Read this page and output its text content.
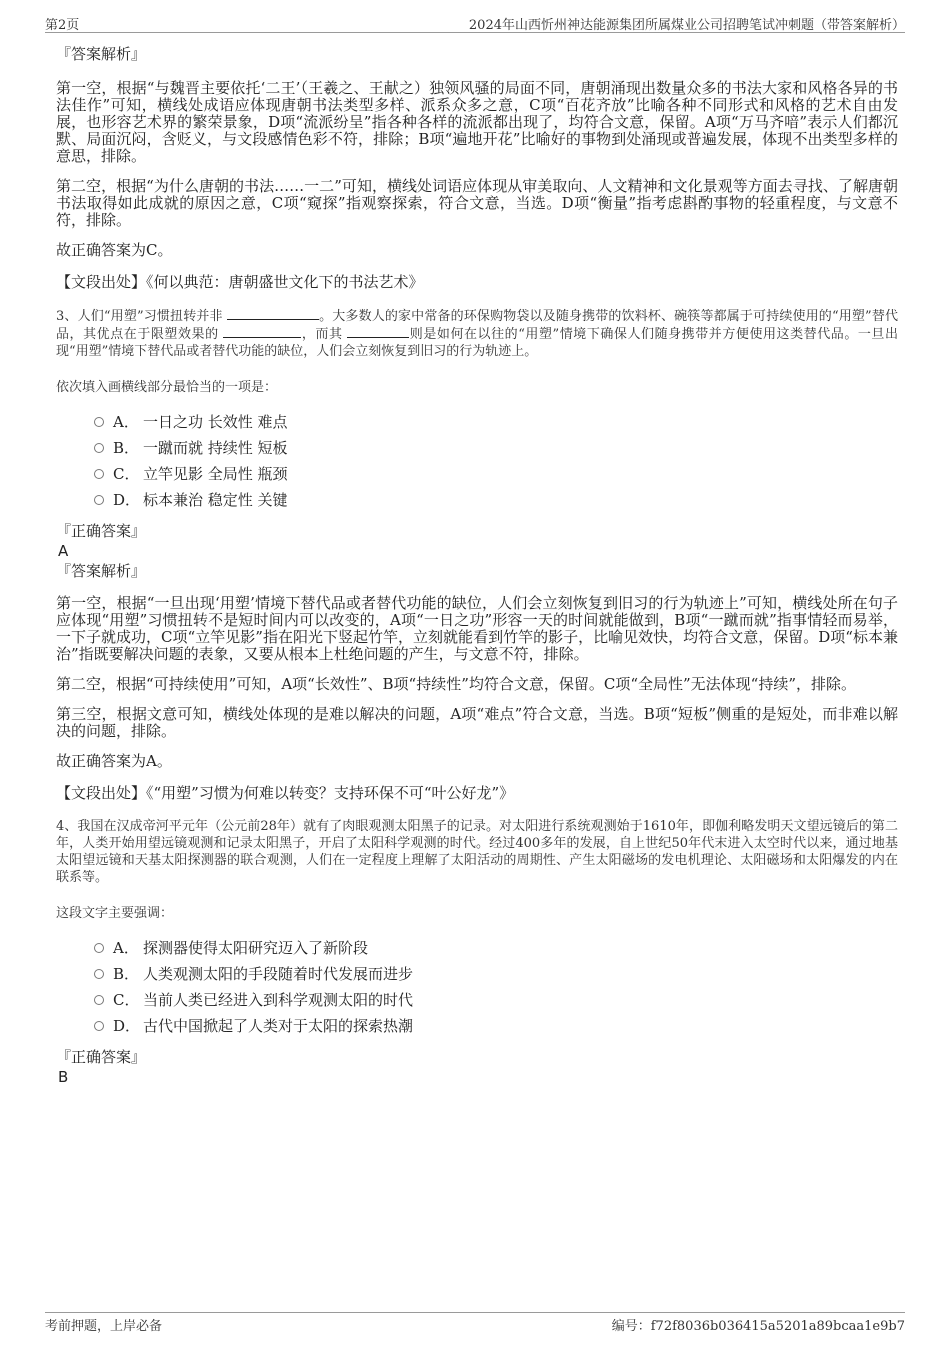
第2页	2024年山西忻州神达能源集团所属煤业公司招聘笔试冲刺题（带答案解析）
『答案解析』

第一空，根据“与魏晋主要依托‘二王’（王羲之、王献之）独领风骚的局面不同，唐朝涌现出数量众多的书法大家和风格各异的书法佳作”可知，横线处成语应体现唐朝书法类型多样、派系众多之意，C项“百花齐放”比喻各种不同形式和风格的艺术自由发展，也形容艺术界的繁荣景象，D项“流派纷呈”指各种各样的流派都出现了，均符合文意，保留。A项“万马齐喑”表示人们都沉默、局面沉闷，含贬义，与文段感情色彩不符，排除；B项“遍地开花”比喻好的事物到处涌现或普遍发展，体现不出类型多样的意思，排除。

第二空，根据“为什么唐朝的书法……一二”可知，横线处词语应体现从审美取向、人文精神和文化景观等方面去寻找、了解唐朝书法取得如此成就的原因之意，C项“窥探”指观察探索，符合文意，当选。D项“衡量”指考虑斟酌事物的轻重程度，与文意不符，排除。

故正确答案为C。

【文段出处】《何以典范：唐朝盛世文化下的书法艺术》

3、人们“用塑”习惯扭转并非	。大多数人的家中常备的环保购物袋以及随身携带的饮料杯、碗筷等都属于可持续使用的“用塑”替代品，其优点在于限塑效果的	，而其	则是如何在以往的“用塑”情境下确保人们随身携带并方便使用这类替代品。一旦出现“用塑”情境下替代品或者替代功能的缺位，人们会立刻恢复到旧习的行为轨迹上。

依次填入画横线部分最恰当的一项是：

A． 一日之功 长效性 难点
B． 一蹴而就 持续性 短板
C． 立竿见影 全局性 瓶颈
D． 标本兼治 稳定性 关键
『正确答案』
A
『答案解析』

第一空，根据“一旦出现‘用塑’情境下替代品或者替代功能的缺位，人们会立刻恢复到旧习的行为轨迹上”可知，横线处所在句子应体现“用塑”习惯扭转不是短时间内可以改变的，A项“一日之功”形容一天的时间就能做到，B项“一蹴而就”指事情轻而易举，一下子就成功，C项“立竿见影”指在阳光下竖起竹竿，立刻就能看到竹竿的影子，比喻见效快，均符合文意，保留。D项“标本兼治”指既要解决问题的表象，又要从根本上杜绝问题的产生，与文意不符，排除。

第二空，根据“可持续使用”可知，A项“长效性”、B项“持续性”均符合文意，保留。C项“全局性”无法体现“持续”，排除。

第三空，根据文意可知，横线处体现的是难以解决的问题，A项“难点”符合文意，当选。B项“短板”侧重的是短处，而非难以解决的问题，排除。

故正确答案为A。

【文段出处】《“用塑”习惯为何难以转变？支持环保不可“叶公好龙”》

4、我国在汉成帝河平元年（公元前28年）就有了肉眼观测太阳黑子的记录。对太阳进行系统观测始于1610年，即伽利略发明天文望远镜后的第二年，人类开始用望远镜观测和记录太阳黑子，开启了太阳科学观测的时代。经过400多年的发展，自上世纪50年代末进入太空时代以来，通过地基太阳望远镜和天基太阳探测器的联合观测，人们在一定程度上理解了太阳活动的周期性、产生太阳磁场的发电机理论、太阳磁场和太阳爆发的内在联系等。

这段文字主要强调：

A． 探测器使得太阳研究迈入了新阶段
B． 人类观测太阳的手段随着时代发展而进步
C． 当前人类已经进入到科学观测太阳的时代
D． 古代中国掀起了人类对于太阳的探索热潮
『正确答案』
B
考前押题，上岸必备	编号：f72f8036b036415a5201a89bcaa1e9b7
